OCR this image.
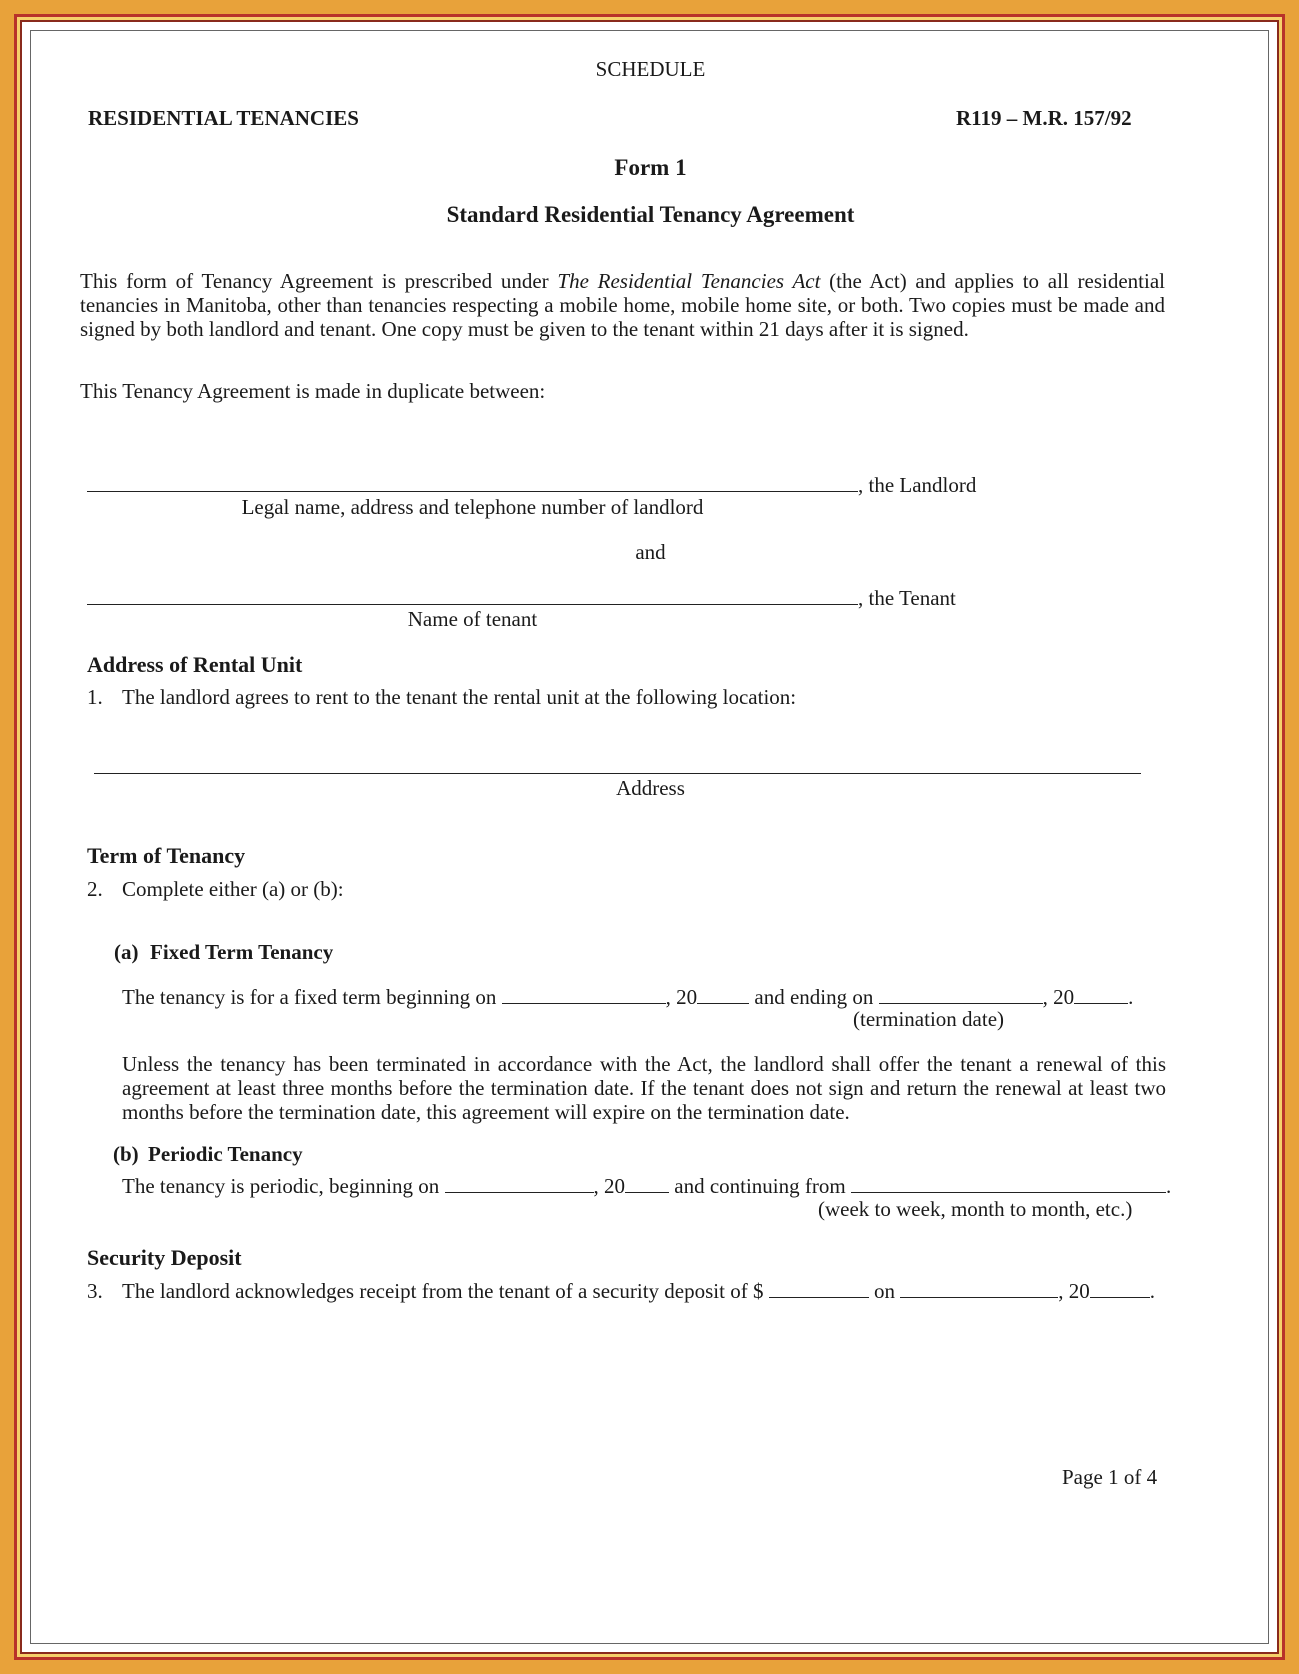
SCHEDULE
RESIDENTIAL TENANCIES	R119 – M.R. 157/92
Form 1
Standard Residential Tenancy Agreement
This form of Tenancy Agreement is prescribed under The Residential Tenancies Act (the Act) and applies to all residential tenancies in Manitoba, other than tenancies respecting a mobile home, mobile home site, or both. Two copies must be made and signed by both landlord and tenant. One copy must be given to the tenant within 21 days after it is signed.
This Tenancy Agreement is made in duplicate between:
, the Landlord
Legal name, address and telephone number of landlord
and
, the Tenant
Name of tenant
Address of Rental Unit
1. The landlord agrees to rent to the tenant the rental unit at the following location:
Address
Term of Tenancy
2. Complete either (a) or (b):
(a) Fixed Term Tenancy
The tenancy is for a fixed term beginning on	, 20 and ending on	, 20	.
(termination date)
Unless the tenancy has been terminated in accordance with the Act, the landlord shall offer the tenant a renewal of this agreement at least three months before the termination date. If the tenant does not sign and return the renewal at least two months before the termination date, this agreement will expire on the termination date.
(b) Periodic Tenancy
The tenancy is periodic, beginning on	, 20 and continuing from	.
(week to week, month to month, etc.)
Security Deposit
3. The landlord acknowledges receipt from the tenant of a security deposit of $	on	, 20	.
Page 1 of 4
